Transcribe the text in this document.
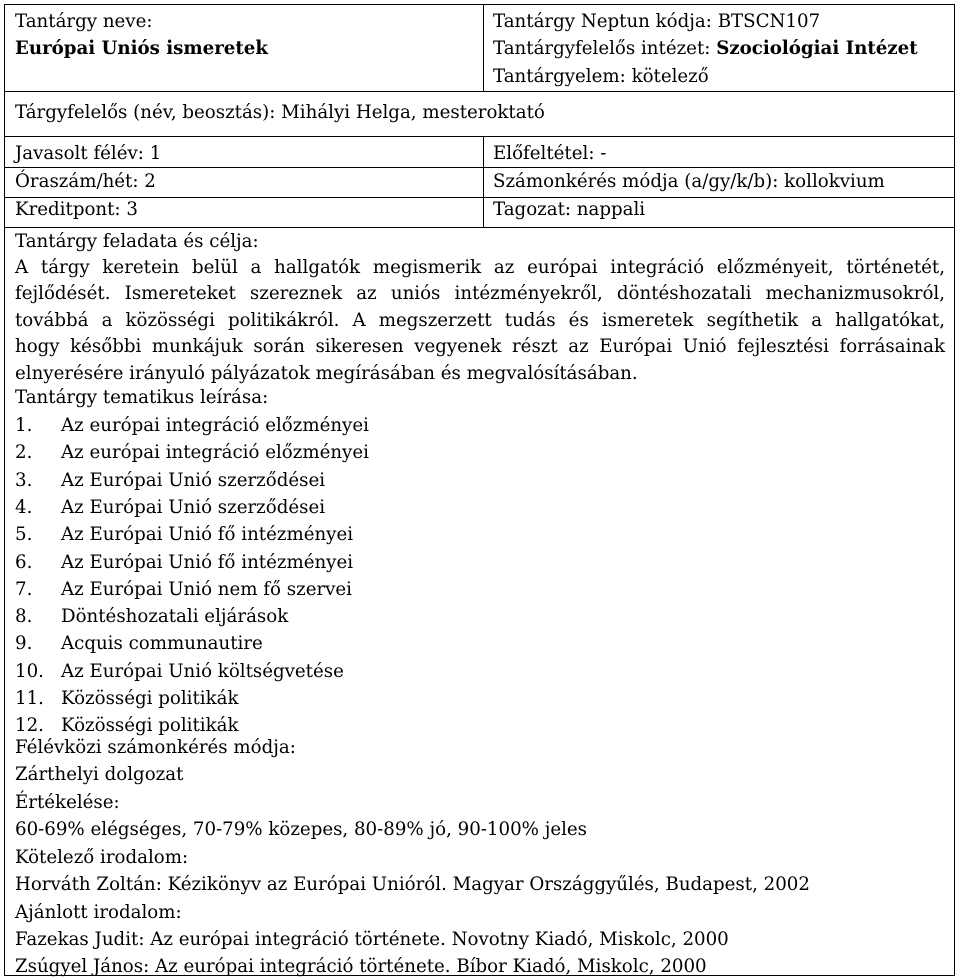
Tantárgy neve:
Európai Uniós ismeretek
Tantárgy Neptun kódja: BTSCN107
Tantárgyfelelős intézet: Szociológiai Intézet
Tantárgyelem: kötelező
Tárgyfelelős (név, beosztás): Mihályi Helga, mesteroktató
Javasolt félév: 1	Előfeltétel: -
Óraszám/hét: 2	Számonkérés módja (a/gy/k/b): kollokvium
Kreditpont: 3	Tagozat: nappali
Tantárgy feladata és célja:
A tárgy keretein belül a hallgatók megismerik az európai integráció előzményeit, történetét,
fejlődését. Ismereteket szereznek az uniós intézményekről, döntéshozatali mechanizmusokról,
továbbá a közösségi politikákról. A megszerzett tudás és ismeretek segíthetik a hallgatókat,
hogy későbbi munkájuk során sikeresen vegyenek részt az Európai Unió fejlesztési forrásainak
elnyerésére irányuló pályázatok megírásában és megvalósításában.
Tantárgy tematikus leírása:
1. Az európai integráció előzményei
2. Az európai integráció előzményei
3. Az Európai Unió szerződései
4. Az Európai Unió szerződései
5. Az Európai Unió fő intézményei
6. Az Európai Unió fő intézményei
7. Az Európai Unió nem fő szervei
8. Döntéshozatali eljárások
9. Acquis communautire
10. Az Európai Unió költségvetése
11. Közösségi politikák
12. Közösségi politikák
Félévközi számonkérés módja:
Zárthelyi dolgozat
Értékelése:
60-69% elégséges, 70-79% közepes, 80-89% jó, 90-100% jeles
Kötelező irodalom:
Horváth Zoltán: Kézikönyv az Európai Unióról. Magyar Országgyűlés, Budapest, 2002
Ajánlott irodalom:
Fazekas Judit: Az európai integráció története. Novotny Kiadó, Miskolc, 2000
Zsúgyel János: Az európai integráció története. Bíbor Kiadó, Miskolc, 2000
